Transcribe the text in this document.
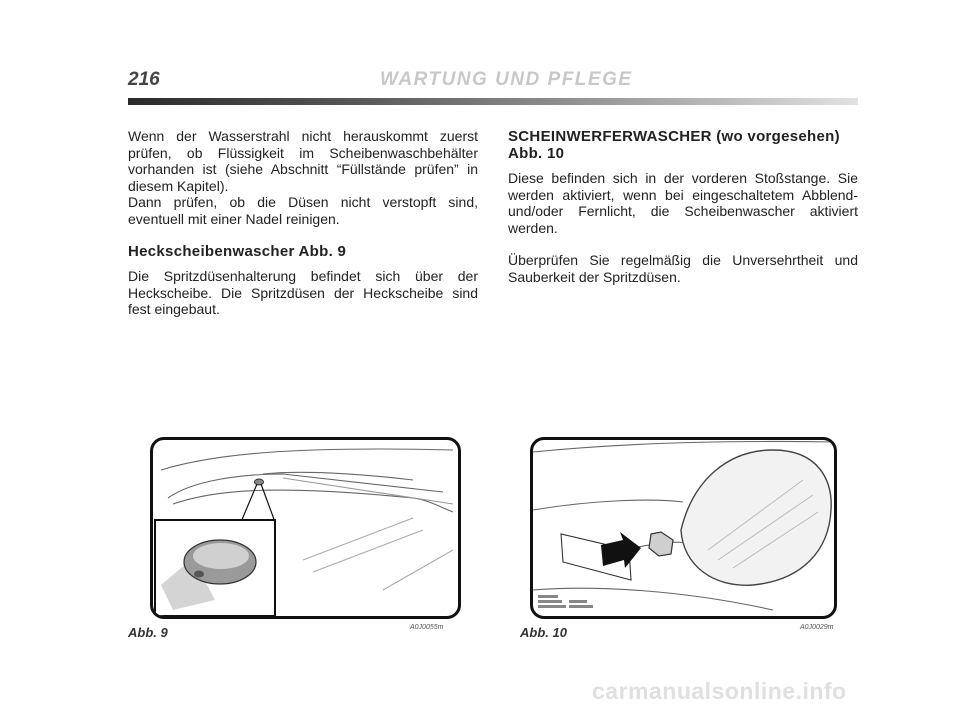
216	WARTUNG UND PFLEGE

Wenn der Wasserstrahl nicht herauskommt zuerst prüfen, ob Flüssigkeit im Scheibenwaschbehälter vorhanden ist (siehe Abschnitt “Füllstände prüfen” in diesem Kapitel).

Dann prüfen, ob die Düsen nicht verstopft sind, eventuell mit einer Nadel reinigen.

Heckscheibenwascher Abb. 9

Die Spritzdüsenhalterung befindet sich über der Heckscheibe. Die Spritzdüsen der Heckscheibe sind fest eingebaut.

SCHEINWERFERWASCHER (wo vorgesehen) Abb. 10

Diese befinden sich in der vorderen Stoßstange. Sie werden aktiviert, wenn bei eingeschaltetem Abblend- und/oder Fernlicht, die Scheibenwascher aktiviert werden.

Überprüfen Sie regelmäßig die Unversehrtheit und Sauberkeit der Spritzdüsen.

Abb. 9	A0J0055m	Abb. 10	A0J0029m
carmanualsonline.info
